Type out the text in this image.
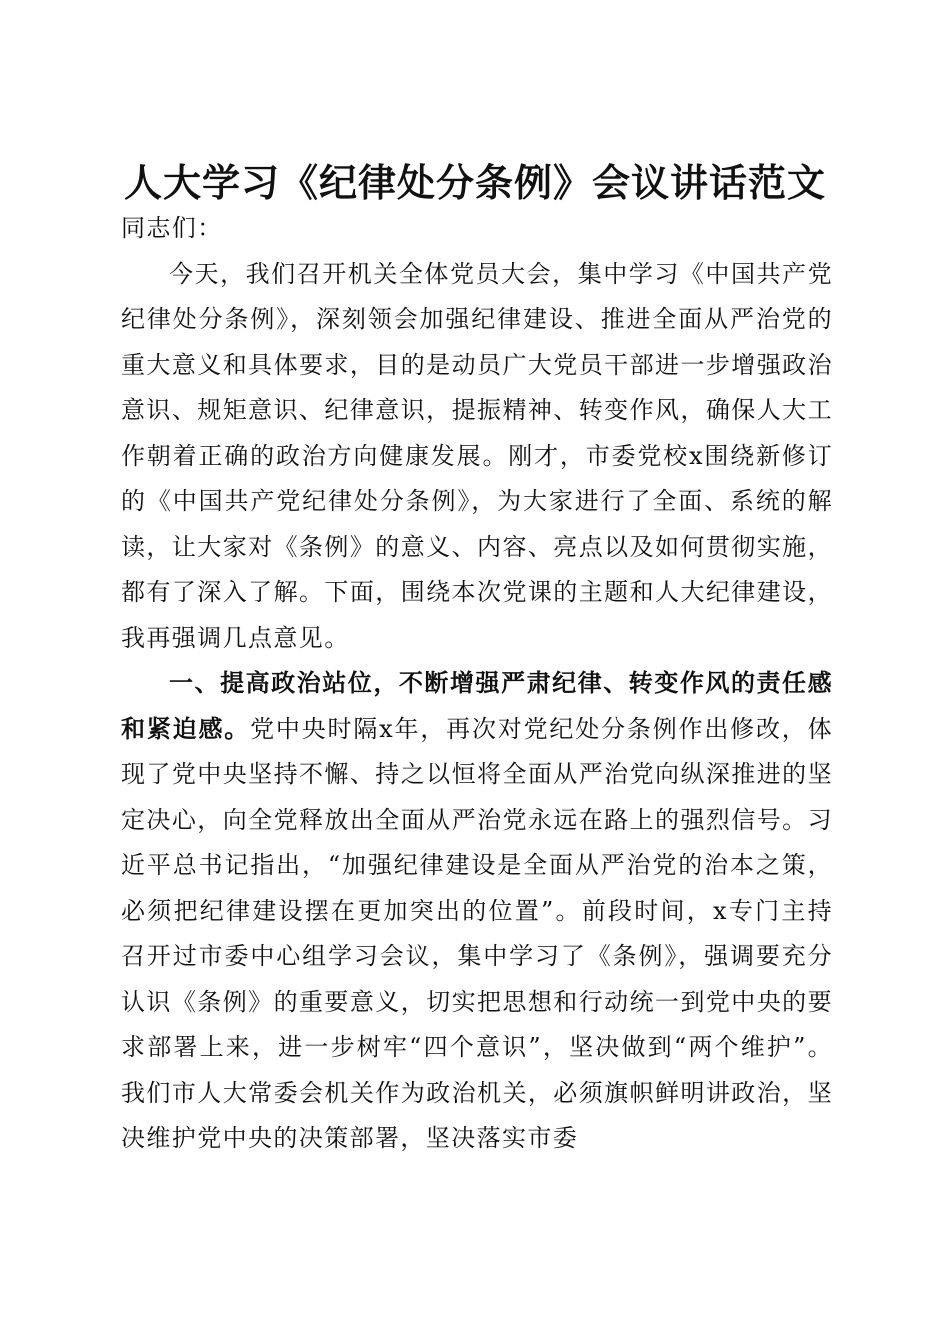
人大学习《纪律处分条例》会议讲话范文

同志们：

今天，我们召开机关全体党员大会，集中学习《中国共产党纪律处分条例》，深刻领会加强纪律建设、推进全面从严治党的重大意义和具体要求，目的是动员广大党员干部进一步增强政治意识、规矩意识、纪律意识，提振精神、转变作风，确保人大工作朝着正确的政治方向健康发展。刚才，市委党校x围绕新修订的《中国共产党纪律处分条例》，为大家进行了全面、系统的解读，让大家对《条例》的意义、内容、亮点以及如何贯彻实施，都有了深入了解。下面，围绕本次党课的主题和人大纪律建设，我再强调几点意见。

一、提高政治站位，不断增强严肃纪律、转变作风的责任感和紧迫感。党中央时隔x年，再次对党纪处分条例作出修改，体现了党中央坚持不懈、持之以恒将全面从严治党向纵深推进的坚定决心，向全党释放出全面从严治党永远在路上的强烈信号。习近平总书记指出，“加强纪律建设是全面从严治党的治本之策，必须把纪律建设摆在更加突出的位置”。前段时间，x专门主持召开过市委中心组学习会议，集中学习了《条例》，强调要充分认识《条例》的重要意义，切实把思想和行动统一到党中央的要求部署上来，进一步树牢“四个意识”，坚决做到“两个维护”。我们市人大常委会机关作为政治机关，必须旗帜鲜明讲政治，坚决维护党中央的决策部署，坚决落实市委
